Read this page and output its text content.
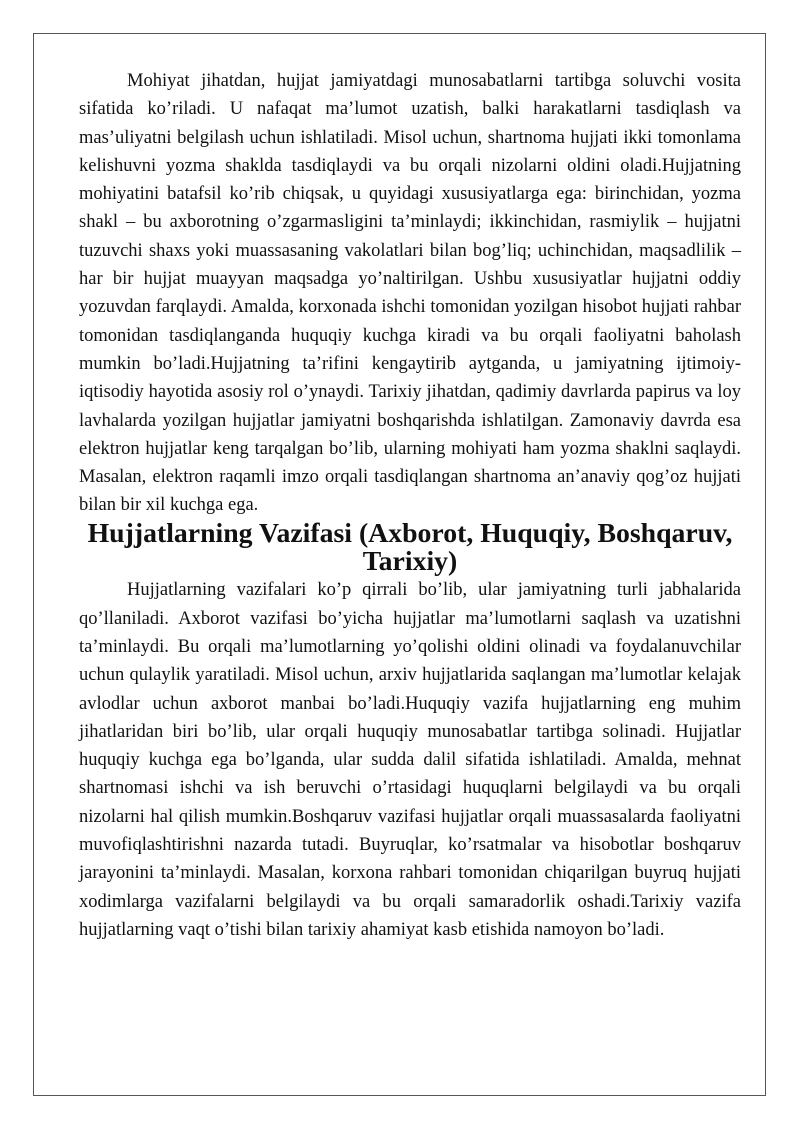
Mohiyat jihatdan, hujjat jamiyatdagi munosabatlarni tartibga soluvchi vosita sifatida ko’riladi. U nafaqat ma’lumot uzatish, balki harakatlarni tasdiqlash va mas’uliyatni belgilash uchun ishlatiladi. Misol uchun, shartnoma hujjati ikki tomonlama kelishuvni yozma shaklda tasdiqlaydi va bu orqali nizolarni oldini oladi.Hujjatning mohiyatini batafsil ko’rib chiqsak, u quyidagi xususiyatlarga ega: birinchidan, yozma shakl – bu axborotning o’zgarmasligini ta’minlaydi; ikkinchidan, rasmiylik – hujjatni tuzuvchi shaxs yoki muassasaning vakolatlari bilan bog’liq; uchinchidan, maqsadlilik – har bir hujjat muayyan maqsadga yo’naltirilgan. Ushbu xususiyatlar hujjatni oddiy yozuvdan farqlaydi. Amalda, korxonada ishchi tomonidan yozilgan hisobot hujjati rahbar tomonidan tasdiqlanganda huquqiy kuchga kiradi va bu orqali faoliyatni baholash mumkin bo’ladi.Hujjatning ta’rifini kengaytirib aytganda, u jamiyatning ijtimoiy-iqtisodiy hayotida asosiy rol o’ynaydi. Tarixiy jihatdan, qadimiy davrlarda papirus va loy lavhalarda yozilgan hujjatlar jamiyatni boshqarishda ishlatilgan. Zamonaviy davrda esa elektron hujjatlar keng tarqalgan bo’lib, ularning mohiyati ham yozma shaklni saqlaydi. Masalan, elektron raqamli imzo orqali tasdiqlangan shartnoma an’anaviy qog’oz hujjati bilan bir xil kuchga ega.

Hujjatlarning Vazifasi (Axborot, Huquqiy, Boshqaruv, Tarixiy)

Hujjatlarning vazifalari ko’p qirrali bo’lib, ular jamiyatning turli jabhalarida qo’llaniladi. Axborot vazifasi bo’yicha hujjatlar ma’lumotlarni saqlash va uzatishni ta’minlaydi. Bu orqali ma’lumotlarning yo’qolishi oldini olinadi va foydalanuvchilar uchun qulaylik yaratiladi. Misol uchun, arxiv hujjatlarida saqlangan ma’lumotlar kelajak avlodlar uchun axborot manbai bo’ladi.Huquqiy vazifa hujjatlarning eng muhim jihatlaridan biri bo’lib, ular orqali huquqiy munosabatlar tartibga solinadi. Hujjatlar huquqiy kuchga ega bo’lganda, ular sudda dalil sifatida ishlatiladi. Amalda, mehnat shartnomasi ishchi va ish beruvchi o’rtasidagi huquqlarni belgilaydi va bu orqali nizolarni hal qilish mumkin.Boshqaruv vazifasi hujjatlar orqali muassasalarda faoliyatni muvofiqlashtirishni nazarda tutadi. Buyruqlar, ko’rsatmalar va hisobotlar boshqaruv jarayonini ta’minlaydi. Masalan, korxona rahbari tomonidan chiqarilgan buyruq hujjati xodimlarga vazifalarni belgilaydi va bu orqali samaradorlik oshadi.Tarixiy vazifa hujjatlarning vaqt o’tishi bilan tarixiy ahamiyat kasb etishida namoyon bo’ladi.
